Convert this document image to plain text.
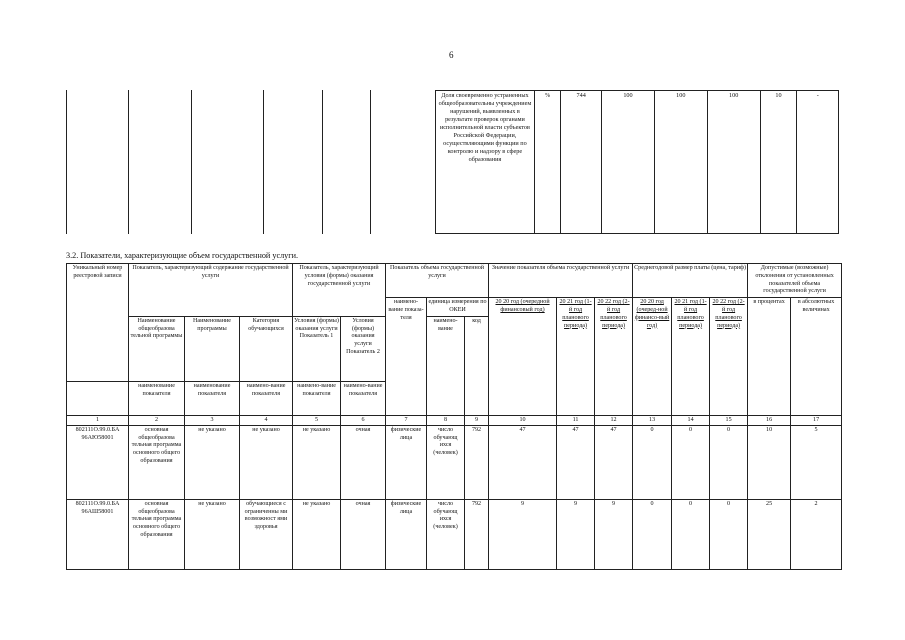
6
Доля своевременно устраненных общеобразовательны учреждением нарушений, выявленных в результате проверок органами исполнительной власти субъектов Российской Федерации, осуществляющими функции по контролю и надзору в сфере образования	%	744	100	100	100	10	-
3.2. Показатели, характеризующие объем государственной услуги.
Уникальный номер реестровой записи	Показатель, характеризующий содержание государственной услуги			Показатель, характеризующий условия (формы) оказания государственной услуги		Показатель объема государственной услуги			Значение показателя объема государственной услуги			Среднегодовой размер платы (цена, тариф)			Допустимые (возможные) отклонения от установленных показателей объема государственной услуги	
						наимено-вание показа-теля	единица измерения по ОКЕИ		20 20 год (очередной финансовый год)	20 21 год (1-й год планового периода)	20 22 год (2-й год планового периода)	20 20 год (очеред-ной финансо-вый год)	20 21 год (1-й год планового периода)	20 22 год (2-й год планового периода)	в процентах	в абсолютных величинах
	Наименование общеобразова тельной программы	Наименование программы	Категория обучающихся	Условия (формы) оказания услуги Показатель 1	Условия (формы) оказания услуги Показатель 2		наимено-вание	код								
	наименование показателя	наименование показателя	наимено-вание показателя	наимено-вание показателя	наимено-вание показателя											
1	2	3	4	5	6	7	8	9	10	11	12	13	14	15	16	17
802111О.99.0.БА 96АЮ58001	основная общеобразова тельная программа основного общего образования	не указано	не указано	не указано	очная	физические лица	число обучающ ихся (человек)	792	47	47	47	0	0	0	10	5
802111О.99.0.БА 96АШ58001	основная общеобразова тельная программа основного общего образования	не указано	обучающиеся с ограниченны ми возможност ями здоровья	не указано	очная	физические лица	число обучающ ихся (человек)	792	9	9	9	0	0	0	25	2
